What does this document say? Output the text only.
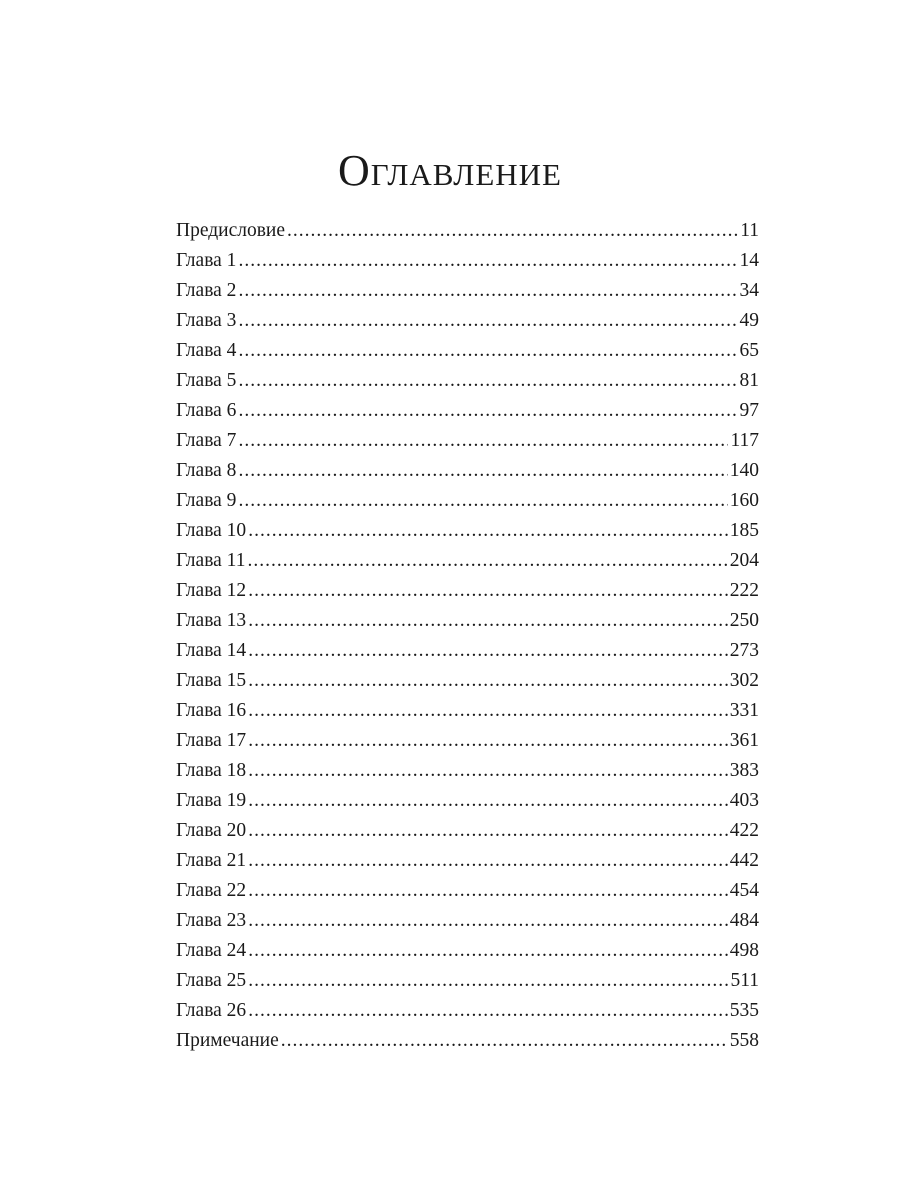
Оглавление
Предисловие .....	11
Глава 1 .....	14
Глава 2 .....	34
Глава 3 .....	49
Глава 4 .....	65
Глава 5 .....	81
Глава 6 .....	97
Глава 7 .....	117
Глава 8 .....	140
Глава 9 .....	160
Глава 10 .....	185
Глава 11 .....	204
Глава 12 .....	222
Глава 13 .....	250
Глава 14 .....	273
Глава 15 .....	302
Глава 16 .....	331
Глава 17 .....	361
Глава 18 .....	383
Глава 19 .....	403
Глава 20 .....	422
Глава 21 .....	442
Глава 22 .....	454
Глава 23 .....	484
Глава 24 .....	498
Глава 25 .....	511
Глава 26 .....	535
Примечание .....	558
